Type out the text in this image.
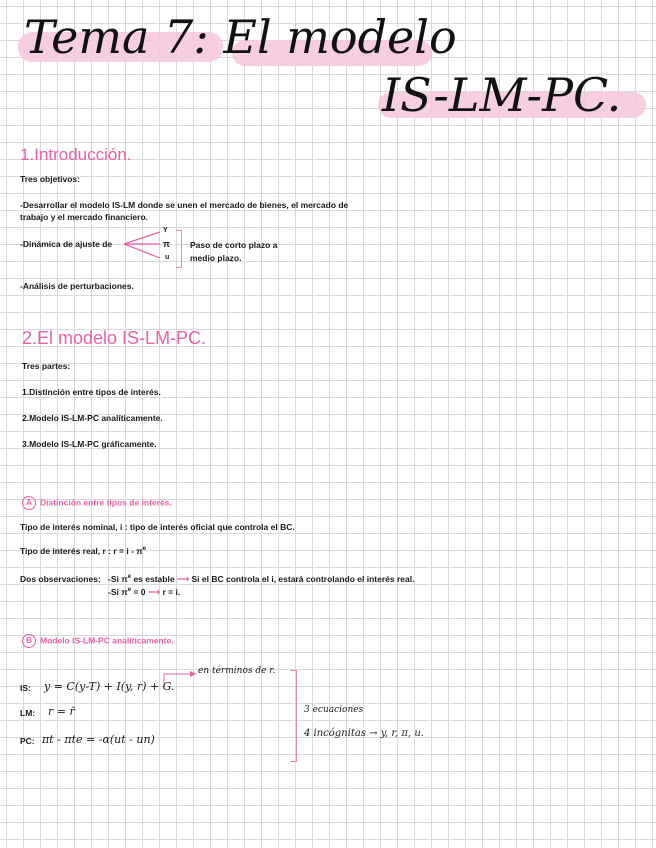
Tema 7: El modelo
IS-LM-PC.
1.Introducción.
Tres objetivos:
-Desarrollar el modelo IS-LM donde se unen el mercado de bienes, el mercado de
trabajo y el mercado financiero.
-Dinámica de ajuste de
Y
π
u
Paso de corto plazo a
medio plazo.
-Análisis de perturbaciones.
2.El modelo IS-LM-PC.
Tres partes:
1.Distinción entre tipos de interés.
2.Modelo IS-LM-PC analíticamente.
3.Modelo IS-LM-PC gráficamente.
A Distinción entre tipos de interés.
Tipo de interés nominal, i : tipo de interés oficial que controla el BC.
Tipo de interés real, r : $r = i - \pi^e$
Dos observaciones: -Si $\pi^e$ es estable ⟶ Si el BC controla el i, estará controlando el interés real.
-Si $\pi^e = 0$ ⟶ r = i.
B Modelo IS-LM-PC analíticamente.
en términos de r.
IS: y = C(y-T) + I(y, r) + G.
LM: r = r̄
PC: πt - πte = -α(ut - un)
3 ecuaciones
4 incógnitas → y, r, π, u.
